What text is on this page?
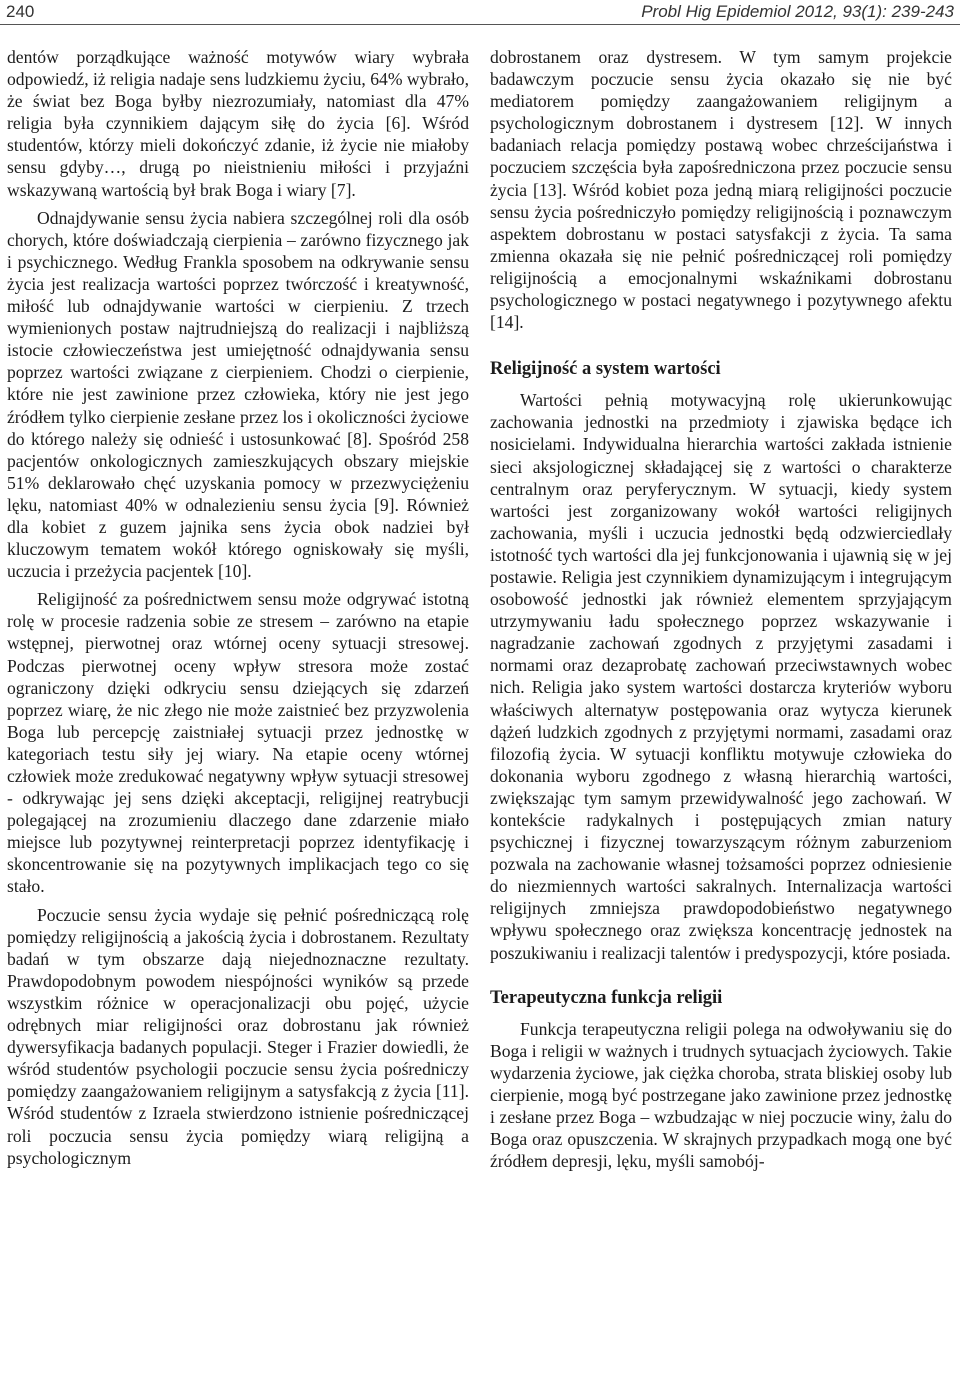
240	Probl Hig Epidemiol 2012, 93(1): 239-243

dentów porządkujące ważność motywów wiary wybrała odpowiedź, iż religia nadaje sens ludzkiemu życiu, 64% wybrało, że świat bez Boga byłby niezrozumiały, natomiast dla 47% religia była czynnikiem dającym siłę do życia [6]. Wśród studentów, którzy mieli dokończyć zdanie, iż życie nie miałoby sensu gdyby…, drugą po nieistnieniu miłości i przyjaźni wskazywaną wartością był brak Boga i wiary [7].

Odnajdywanie sensu życia nabiera szczególnej roli dla osób chorych, które doświadczają cierpienia – zarówno fizycznego jak i psychicznego. Według Frankla sposobem na odkrywanie sensu życia jest realizacja wartości poprzez twórczość i kreatywność, miłość lub odnajdywanie wartości w cierpieniu. Z trzech wymienionych postaw najtrudniejszą do realizacji i najbliższą istocie człowieczeństwa jest umiejętność odnajdywania sensu poprzez wartości związane z cierpieniem. Chodzi o cierpienie, które nie jest zawinione przez człowieka, który nie jest jego źródłem tylko cierpienie zesłane przez los i okoliczności życiowe do którego należy się odnieść i ustosunkować [8]. Spośród 258 pacjentów onkologicznych zamieszkujących obszary miejskie 51% deklarowało chęć uzyskania pomocy w przezwyciężeniu lęku, natomiast 40% w odnalezieniu sensu życia [9]. Również dla kobiet z guzem jajnika sens życia obok nadziei był kluczowym tematem wokół którego ogniskowały się myśli, uczucia i przeżycia pacjentek [10].

Religijność za pośrednictwem sensu może odgrywać istotną rolę w procesie radzenia sobie ze stresem – zarówno na etapie wstępnej, pierwotnej oraz wtórnej oceny sytuacji stresowej. Podczas pierwotnej oceny wpływ stresora może zostać ograniczony dzięki odkryciu sensu dziejących się zdarzeń poprzez wiarę, że nic złego nie może zaistnieć bez przyzwolenia Boga lub percepcję zaistniałej sytuacji przez jednostkę w kategoriach testu siły jej wiary. Na etapie oceny wtórnej człowiek może zredukować negatywny wpływ sytuacji stresowej - odkrywając jej sens dzięki akceptacji, religijnej reatrybucji polegającej na zrozumieniu dlaczego dane zdarzenie miało miejsce lub pozytywnej reinterpretacji poprzez identyfikację i skoncentrowanie się na pozytywnych implikacjach tego co się stało.

Poczucie sensu życia wydaje się pełnić pośredniczącą rolę pomiędzy religijnością a jakością życia i dobrostanem. Rezultaty badań w tym obszarze dają niejednoznaczne rezultaty. Prawdopodobnym powodem niespójności wyników są przede wszystkim różnice w operacjonalizacji obu pojęć, użycie odrębnych miar religijności oraz dobrostanu jak również dywersyfikacja badanych populacji. Steger i Frazier dowiedli, że wśród studentów psychologii poczucie sensu życia pośredniczy pomiędzy zaangażowaniem religijnym a satysfakcją z życia [11]. Wśród studentów z Izraela stwierdzono istnienie pośredniczącej roli poczucia sensu życia pomiędzy wiarą religijną a psychologicznym

dobrostanem oraz dystresem. W tym samym projekcie badawczym poczucie sensu życia okazało się nie być mediatorem pomiędzy zaangażowaniem religijnym a psychologicznym dobrostanem i dystresem [12]. W innych badaniach relacja pomiędzy postawą wobec chrześcijaństwa i poczuciem szczęścia była zapośredniczona przez poczucie sensu życia [13]. Wśród kobiet poza jedną miarą religijności poczucie sensu życia pośredniczyło pomiędzy religijnością i poznawczym aspektem dobrostanu w postaci satysfakcji z życia. Ta sama zmienna okazała się nie pełnić pośredniczącej roli pomiędzy religijnością a emocjonalnymi wskaźnikami dobrostanu psychologicznego w postaci negatywnego i pozytywnego afektu [14].

Religijność a system wartości

Wartości pełnią motywacyjną rolę ukierunkowując zachowania jednostki na przedmioty i zjawiska będące ich nosicielami. Indywidualna hierarchia wartości zakłada istnienie sieci aksjologicznej składającej się z wartości o charakterze centralnym oraz peryferycznym. W sytuacji, kiedy system wartości jest zorganizowany wokół wartości religijnych zachowania, myśli i uczucia jednostki będą odzwierciedlały istotność tych wartości dla jej funkcjonowania i ujawnią się w jej postawie. Religia jest czynnikiem dynamizującym i integrującym osobowość jednostki jak również elementem sprzyjającym utrzymywaniu ładu społecznego poprzez wskazywanie i nagradzanie zachowań zgodnych z przyjętymi zasadami i normami oraz dezaprobatę zachowań przeciwstawnych wobec nich. Religia jako system wartości dostarcza kryteriów wyboru właściwych alternatyw postępowania oraz wytycza kierunek dążeń ludzkich zgodnych z przyjętymi normami, zasadami oraz filozofią życia. W sytuacji konfliktu motywuje człowieka do dokonania wyboru zgodnego z własną hierarchią wartości, zwiększając tym samym przewidywalność jego zachowań. W kontekście radykalnych i postępujących zmian natury psychicznej i fizycznej towarzyszącym różnym zaburzeniom pozwala na zachowanie własnej tożsamości poprzez odniesienie do niezmiennych wartości sakralnych. Internalizacja wartości religijnych zmniejsza prawdopodobieństwo negatywnego wpływu społecznego oraz zwiększa koncentrację jednostek na poszukiwaniu i realizacji talentów i predyspozycji, które posiada.

Terapeutyczna funkcja religii

Funkcja terapeutyczna religii polega na odwoływaniu się do Boga i religii w ważnych i trudnych sytuacjach życiowych. Takie wydarzenia życiowe, jak ciężka choroba, strata bliskiej osoby lub cierpienie, mogą być postrzegane jako zawinione przez jednostkę i zesłane przez Boga – wzbudzając w niej poczucie winy, żalu do Boga oraz opuszczenia. W skrajnych przypadkach mogą one być źródłem depresji, lęku, myśli samobój-
